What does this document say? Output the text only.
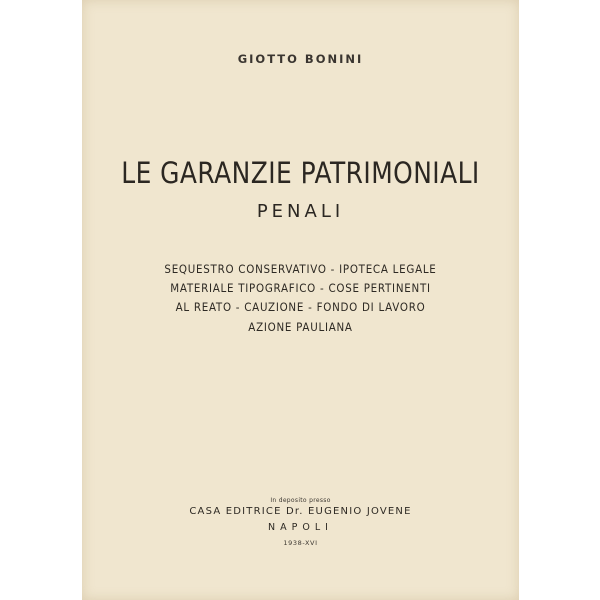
GIOTTO BONINI
LE GARANZIE PATRIMONIALI
PENALI
SEQUESTRO CONSERVATIVO - IPOTECA LEGALE
MATERIALE TIPOGRAFICO - COSE PERTINENTI
AL REATO - CAUZIONE - FONDO DI LAVORO
AZIONE PAULIANA
In deposito presso
CASA EDITRICE Dr. EUGENIO JOVENE
NAPOLI
1938-XVI
